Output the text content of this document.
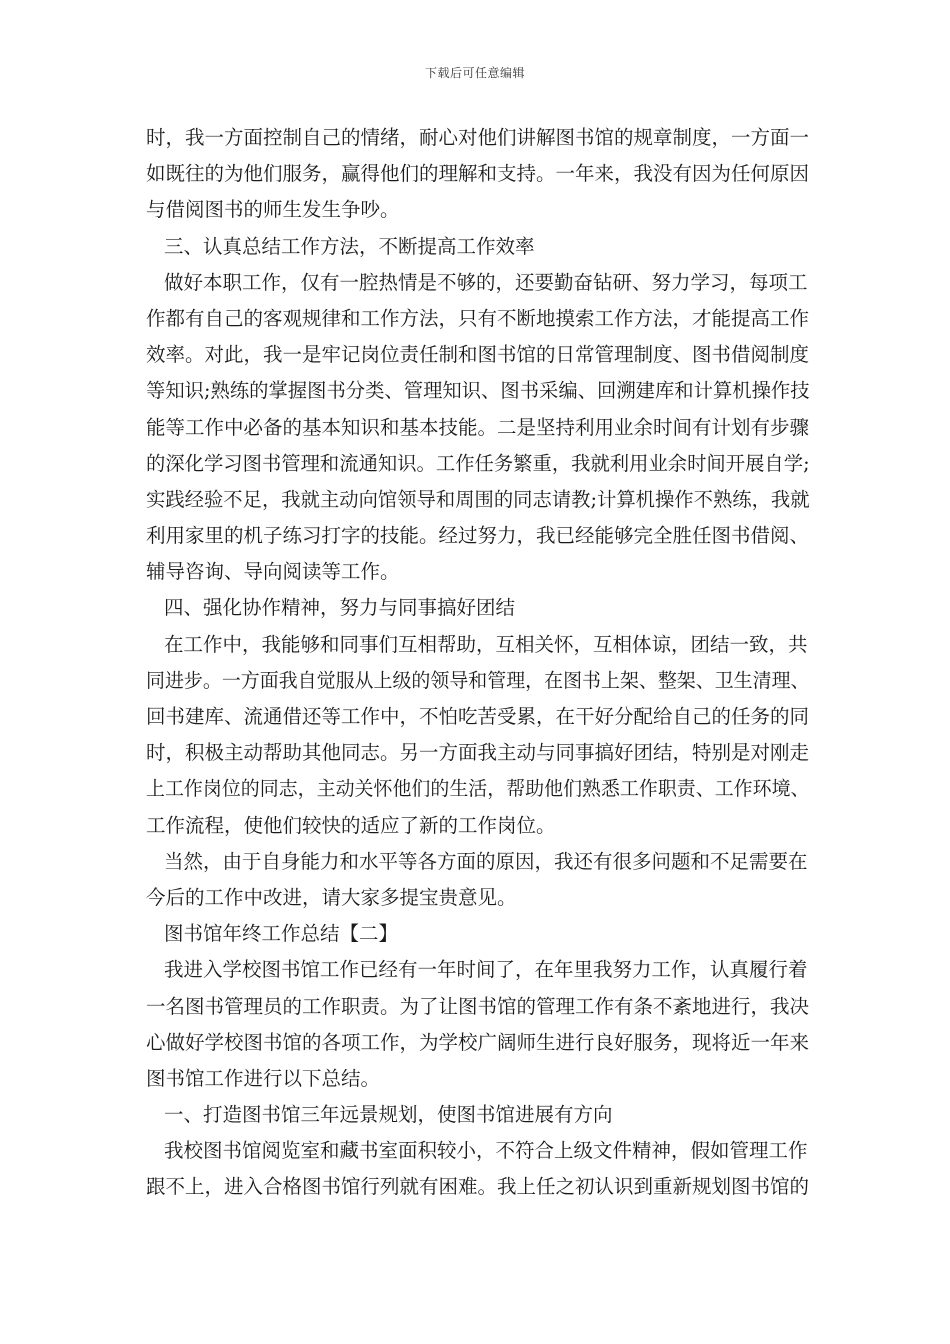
下载后可任意编辑
时，我一方面控制自己的情绪，耐心对他们讲解图书馆的规章制度，一方面一
如既往的为他们服务，赢得他们的理解和支持。一年来，我没有因为任何原因
与借阅图书的师生发生争吵。
三、认真总结工作方法，不断提高工作效率
做好本职工作，仅有一腔热情是不够的，还要勤奋钻研、努力学习，每项工
作都有自己的客观规律和工作方法，只有不断地摸索工作方法，才能提高工作
效率。对此，我一是牢记岗位责任制和图书馆的日常管理制度、图书借阅制度
等知识;熟练的掌握图书分类、管理知识、图书采编、回溯建库和计算机操作技
能等工作中必备的基本知识和基本技能。二是坚持利用业余时间有计划有步骤
的深化学习图书管理和流通知识。工作任务繁重，我就利用业余时间开展自学;
实践经验不足，我就主动向馆领导和周围的同志请教;计算机操作不熟练，我就
利用家里的机子练习打字的技能。经过努力，我已经能够完全胜任图书借阅、
辅导咨询、导向阅读等工作。
四、强化协作精神，努力与同事搞好团结
在工作中，我能够和同事们互相帮助，互相关怀，互相体谅，团结一致，共
同进步。一方面我自觉服从上级的领导和管理，在图书上架、整架、卫生清理、
回书建库、流通借还等工作中，不怕吃苦受累，在干好分配给自己的任务的同
时，积极主动帮助其他同志。另一方面我主动与同事搞好团结，特别是对刚走
上工作岗位的同志，主动关怀他们的生活，帮助他们熟悉工作职责、工作环境、
工作流程，使他们较快的适应了新的工作岗位。
当然，由于自身能力和水平等各方面的原因，我还有很多问题和不足需要在
今后的工作中改进，请大家多提宝贵意见。
图书馆年终工作总结【二】
我进入学校图书馆工作已经有一年时间了，在年里我努力工作，认真履行着
一名图书管理员的工作职责。为了让图书馆的管理工作有条不紊地进行，我决
心做好学校图书馆的各项工作，为学校广阔师生进行良好服务，现将近一年来
图书馆工作进行以下总结。
一、打造图书馆三年远景规划，使图书馆进展有方向
我校图书馆阅览室和藏书室面积较小，不符合上级文件精神，假如管理工作
跟不上，进入合格图书馆行列就有困难。我上任之初认识到重新规划图书馆的
